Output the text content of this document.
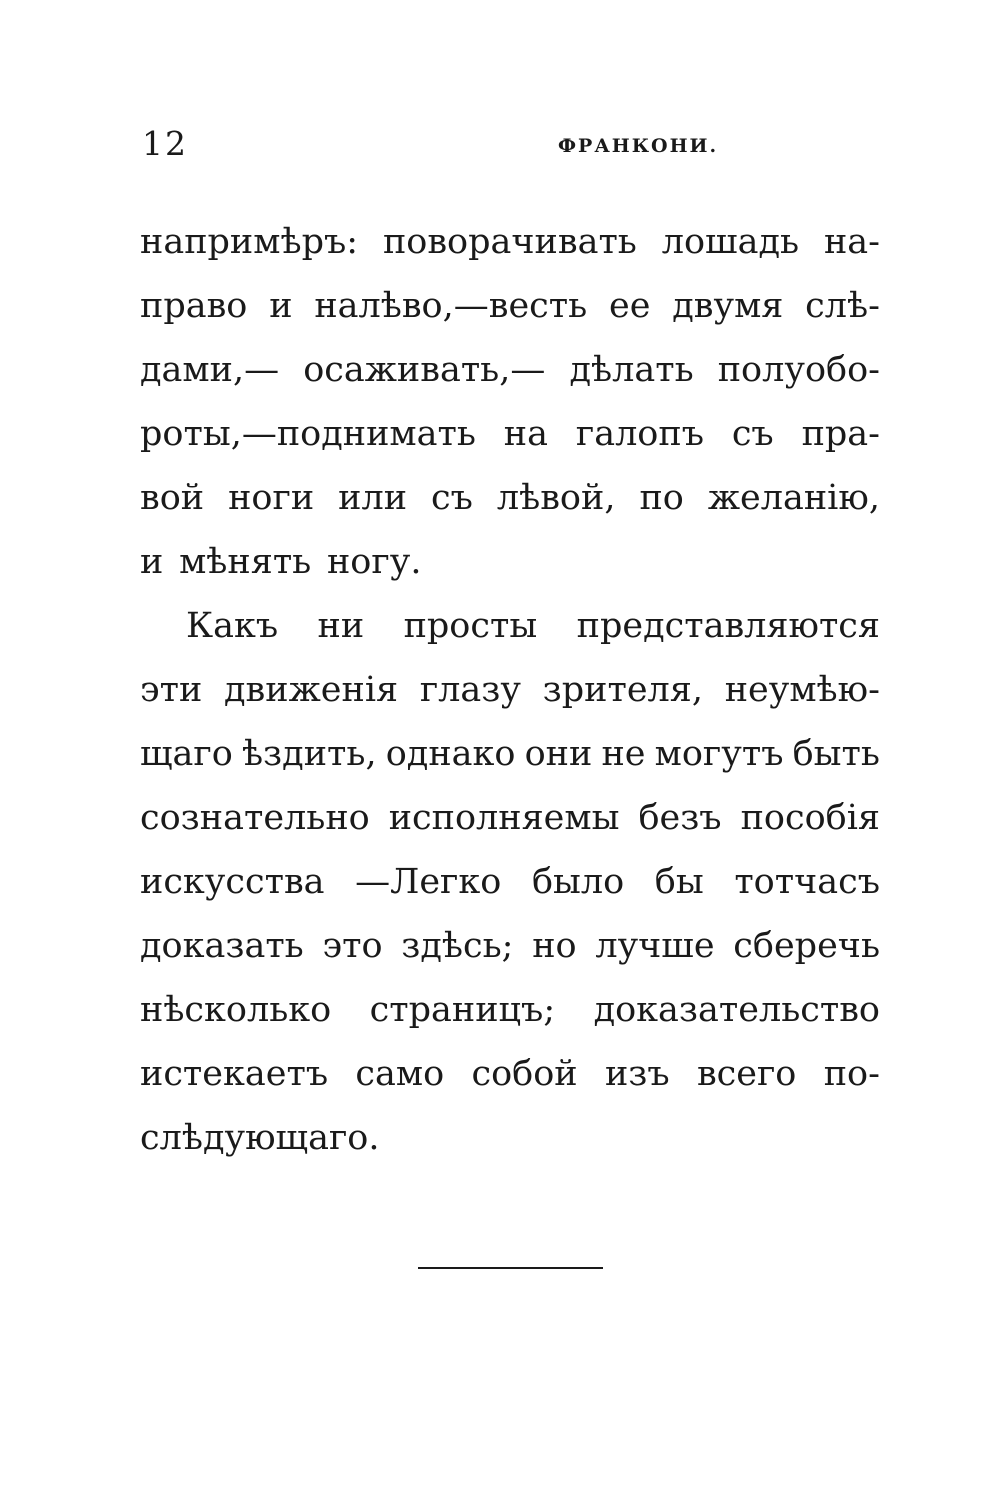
12	ФРАНКОНИ.
напримѣръ: поворачивать лошадь на-
право и налѣво,—весть ее двумя слѣ-
дами,— осаживать,— дѣлать полуобо-
роты,—поднимать на галопъ съ пра-
вой ноги или съ лѣвой, по желанію,
и мѣнять ногу.
Какъ ни просты представляются
эти движенія глазу зрителя, неумѣю-
щаго ѣздить, однако они не могутъ быть
сознательно исполняемы безъ пособія
искусства —Легко было бы тотчасъ
доказать это здѣсь; но лучше сберечь
нѣсколько страницъ; доказательство
истекаетъ само собой изъ всего по-
слѣдующаго.
